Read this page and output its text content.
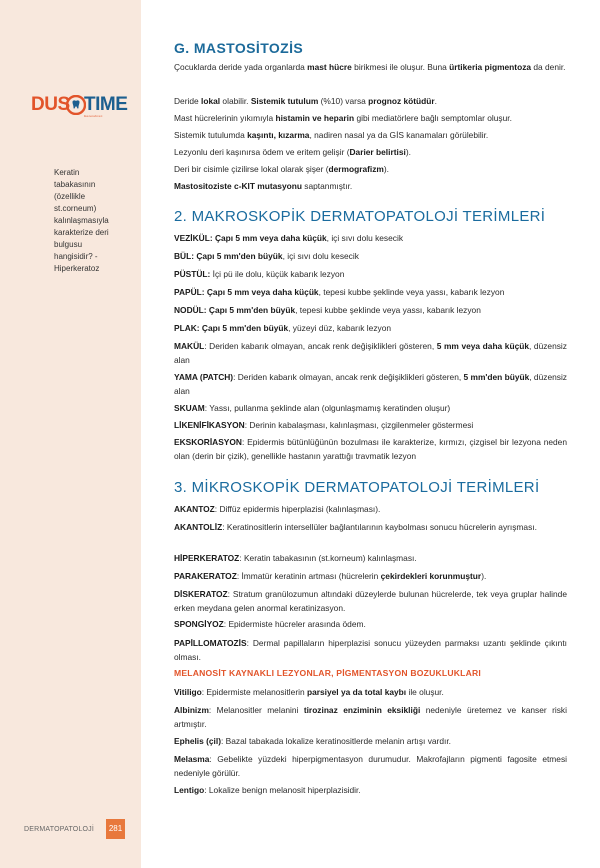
DUS TIME
Kazandıran
Keratin tabakasının (özellikle st.corneum) kalınlaşmasıyla karakterize deri bulgusu hangisidir? - Hiperkeratoz
DERMATOPATOLOJİ	281
G. MASTOSİTOZİS

Çocuklarda deride yada organlarda mast hücre birikmesi ile oluşur. Buna ürtikeria pigmentoza da denir.

Deride lokal olabilir. Sistemik tutulum (%10) varsa prognoz kötüdür.

Mast hücrelerinin yıkımıyla histamin ve heparin gibi mediatörlere bağlı semptomlar oluşur.

Sistemik tutulumda kaşıntı, kızarma, nadiren nasal ya da GİS kanamaları görülebilir.

Lezyonlu deri kaşınırsa ödem ve eritem gelişir (Darier belirtisi).

Deri bir cisimle çizilirse lokal olarak şişer (dermografizm).

Mastositoziste c-KIT mutasyonu saptanmıştır.

2. MAKROSKOPİK DERMATOPATOLOJİ TERİMLERİ

VEZİKÜL: Çapı 5 mm veya daha küçük, içi sıvı dolu kesecik

BÜL: Çapı 5 mm'den büyük, içi sıvı dolu kesecik

PÜSTÜL: İçi pü ile dolu, küçük kabarık lezyon

PAPÜL: Çapı 5 mm veya daha küçük, tepesi kubbe şeklinde veya yassı, kabarık lezyon

NODÜL: Çapı 5 mm'den büyük, tepesi kubbe şeklinde veya yassı, kabarık lezyon

PLAK: Çapı 5 mm'den büyük, yüzeyi düz, kabarık lezyon

MAKÜL: Deriden kabarık olmayan, ancak renk değişiklikleri gösteren, 5 mm veya daha küçük, düzensiz alan

YAMA (PATCH): Deriden kabarık olmayan, ancak renk değişiklikleri gösteren, 5 mm'den büyük, düzensiz alan

SKUAM: Yassı, pullanma şeklinde alan (olgunlaşmamış keratinden oluşur)

LİKENİFİKASYON: Derinin kabalaşması, kalınlaşması, çizgilenmeler göstermesi

EKSKORİASYON: Epidermis bütünlüğünün bozulması ile karakterize, kırmızı, çizgisel bir lezyona neden olan (derin bir çizik), genellikle hastanın yarattığı travmatik lezyon

3. MİKROSKOPİK DERMATOPATOLOJİ TERİMLERİ

AKANTOZ: Diffüz epidermis hiperplazisi (kalınlaşması).

AKANTOLİZ: Keratinositlerin intersellüler bağlantılarının kaybolması sonucu hücrelerin ayrışması.

HİPERKERATOZ: Keratin tabakasının (st.korneum) kalınlaşması.

PARAKERATOZ: İmmatür keratinin artması (hücrelerin çekirdekleri korunmuştur).

DİSKERATOZ: Stratum granülozumun altındaki düzeylerde bulunan hücrelerde, tek veya gruplar halinde erken meydana gelen anormal keratinizasyon.

SPONGİYOZ: Epidermiste hücreler arasında ödem.

PAPİLLOMATOZİS: Dermal papillaların hiperplazisi sonucu yüzeyden parmaksı uzantı şeklinde çıkıntı olması.

MELANOSİT KAYNAKLI LEZYONLAR, PİGMENTASYON BOZUKLUKLARI

Vitiligo: Epidermiste melanositlerin parsiyel ya da total kaybı ile oluşur.

Albinizm: Melanositler melanini tirozinaz enziminin eksikliği nedeniyle üretemez ve kanser riski artmıştır.

Ephelis (çil): Bazal tabakada lokalize keratinositlerde melanin artışı vardır.

Melasma: Gebelikte yüzdeki hiperpigmentasyon durumudur. Makrofajların pigmenti fagosite etmesi nedeniyle görülür.

Lentigo: Lokalize benign melanosit hiperplazisidir.
